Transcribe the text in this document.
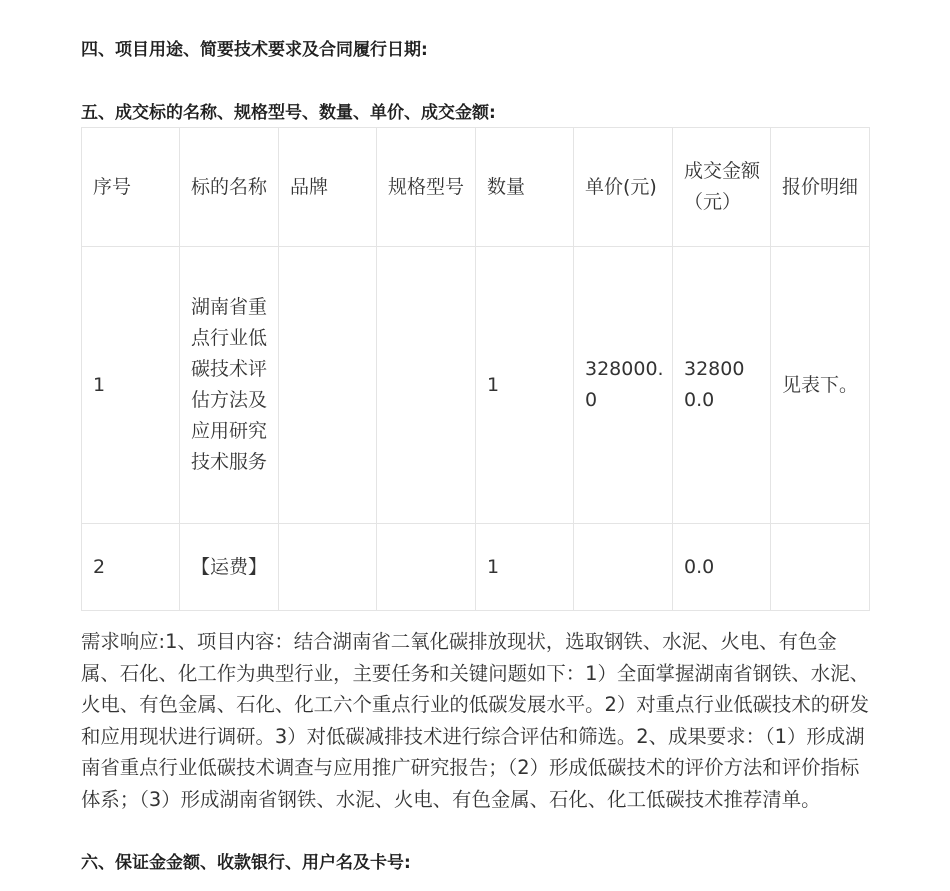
四、项目用途、简要技术要求及合同履行日期:
五、成交标的名称、规格型号、数量、单价、成交金额:
序号	标的名称	品牌	规格型号	数量	单价(元)	成交金额（元）	报价明细
1	湖南省重点行业低碳技术评估方法及应用研究技术服务			1	328000.0	328000.0	见表下。
2	【运费】			1		0.0	

需求响应:1、项目内容：结合湖南省二氧化碳排放现状，选取钢铁、水泥、火电、有色金属、石化、化工作为典型行业，主要任务和关键问题如下：1）全面掌握湖南省钢铁、水泥、火电、有色金属、石化、化工六个重点行业的低碳发展水平。2）对重点行业低碳技术的研发和应用现状进行调研。3）对低碳减排技术进行综合评估和筛选。2、成果要求：（1）形成湖南省重点行业低碳技术调查与应用推广研究报告；（2）形成低碳技术的评价方法和评价指标体系；（3）形成湖南省钢铁、水泥、火电、有色金属、石化、化工低碳技术推荐清单。

六、保证金金额、收款银行、用户名及卡号:
